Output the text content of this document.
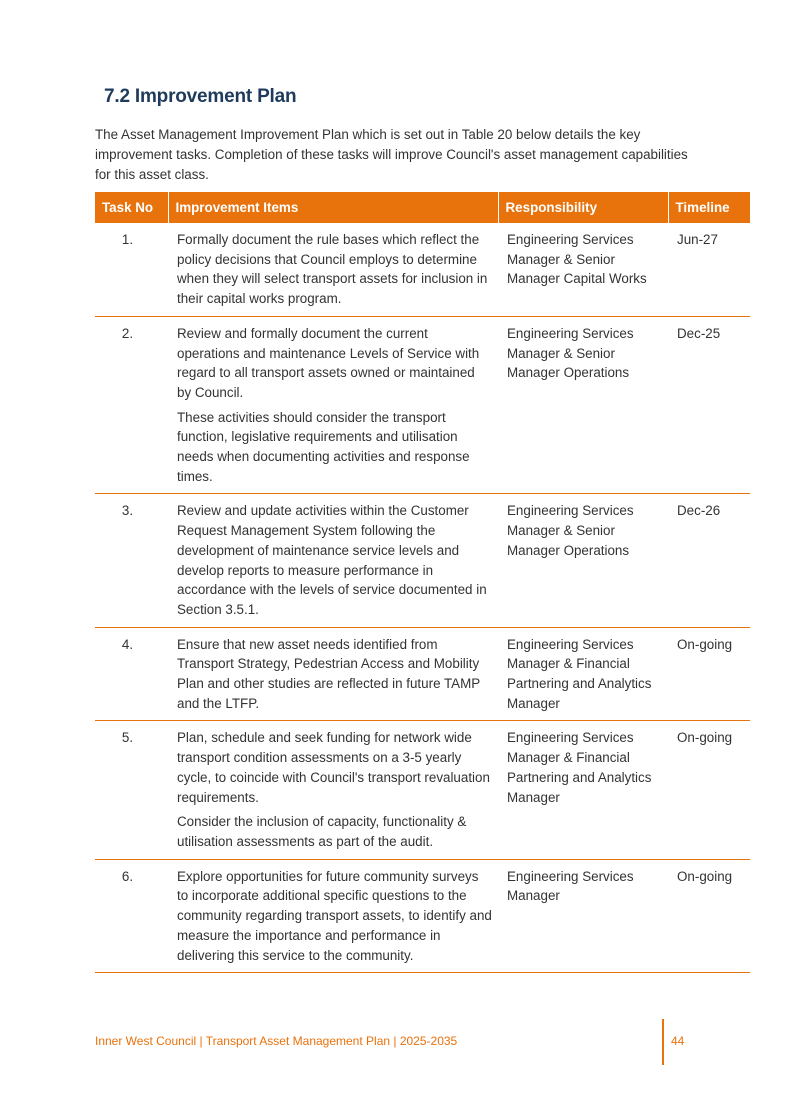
7.2 Improvement Plan
The Asset Management Improvement Plan which is set out in Table 20 below details the key improvement tasks. Completion of these tasks will improve Council's asset management capabilities for this asset class.
Task No	Improvement Items	Responsibility	Timeline
1.	Formally document the rule bases which reflect the policy decisions that Council employs to determine when they will select transport assets for inclusion in their capital works program.	Engineering Services Manager & Senior Manager Capital Works	Jun-27
2.	Review and formally document the current operations and maintenance Levels of Service with regard to all transport assets owned or maintained by Council.

These activities should consider the transport function, legislative requirements and utilisation needs when documenting activities and response times.	Engineering Services Manager & Senior Manager Operations	Dec-25
3.	Review and update activities within the Customer Request Management System following the development of maintenance service levels and develop reports to measure performance in accordance with the levels of service documented in Section 3.5.1.	Engineering Services Manager & Senior Manager Operations	Dec-26
4.	Ensure that new asset needs identified from Transport Strategy, Pedestrian Access and Mobility Plan and other studies are reflected in future TAMP and the LTFP.	Engineering Services Manager & Financial Partnering and Analytics Manager	On-going
5.	Plan, schedule and seek funding for network wide transport condition assessments on a 3-5 yearly cycle, to coincide with Council's transport revaluation requirements.

Consider the inclusion of capacity, functionality & utilisation assessments as part of the audit.	Engineering Services Manager & Financial Partnering and Analytics Manager	On-going
6.	Explore opportunities for future community surveys to incorporate additional specific questions to the community regarding transport assets, to identify and measure the importance and performance in delivering this service to the community.	Engineering Services Manager	On-going
Inner West Council | Transport Asset Management Plan | 2025-2035	44
